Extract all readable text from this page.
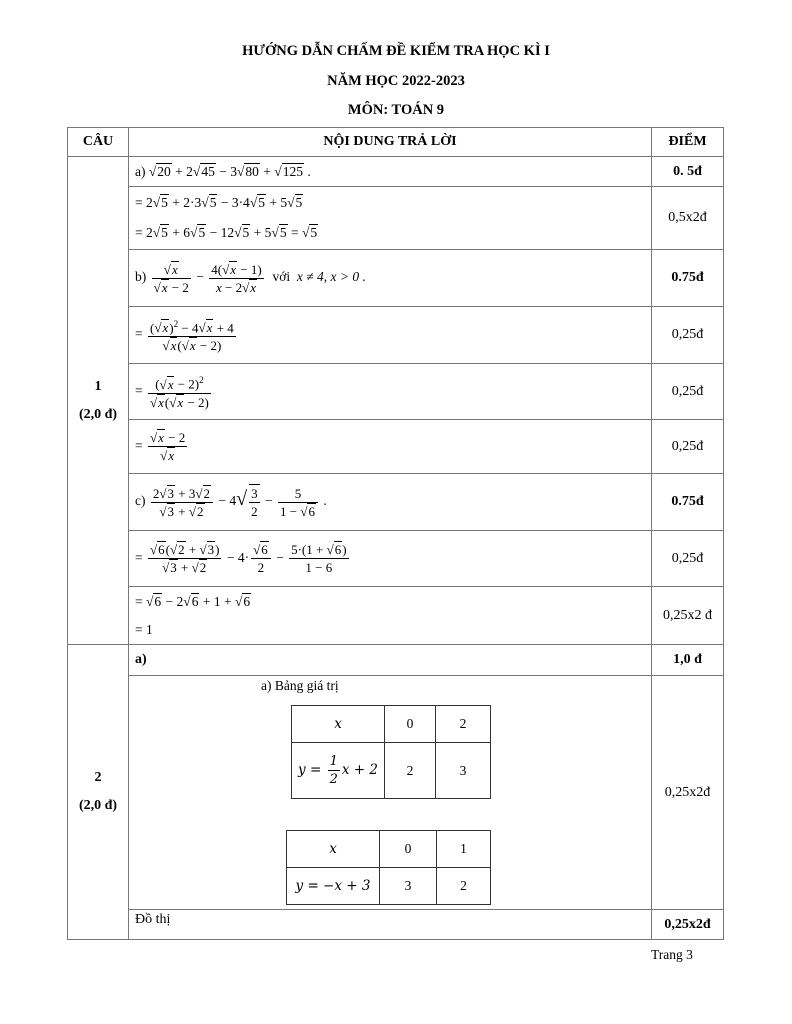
HƯỚNG DẪN CHẤM ĐỀ KIỂM TRA HỌC KÌ I
NĂM HỌC 2022-2023
MÔN: TOÁN 9
CÂU	NỘI DUNG TRẢ LỜI	ĐIỂM

1
(2,0 đ)
	a) √20 + 2√45 − 3√80 + √125 .	0. 5đ

= 2√5 + 2·3√5 − 3·4√5 + 5√5
= 2√5 + 6√5 − 12√5 + 5√5 = √5
	0,5x2đ
$b) \frac{√x}{√x - 2} - \frac{4(√x - 1)}{x - 2√x}$ với x ≠ 4, x > 0 .	0.75đ
= $\frac{(√x)^2 - 4√x + 4}{√x(√x - 2)}$	0,25đ
= $\frac{(√x - 2)^2}{√x(√x - 2)}$	0,25đ
= $\frac{√x - 2}{√x}$	0,25đ
$c) \frac{2√3 + 3√2}{√3 + √2} - 4√ \frac{3}{2} - \frac{5}{1 - √6}$ .	0.75đ
= $\frac{√6(√2 + √3)}{√3 + √2} - 4\cdot \frac{√6}{2} - \frac{5\cdot(1 + √6)}{1 - 6}$	0,25đ

= √6 − 2√6 + 1 + √6
= 1
	0,25x2 đ

2
(2,0 đ)
	a)	1,0 đ

a) Bảng giá trị
x	0	2
$y = \frac{1}{2}$ x + 2	2	3
x	0	1
y = −x + 3	3	2
	0,25x2đ
Đồ thị	0,25x2đ
Trang 3
